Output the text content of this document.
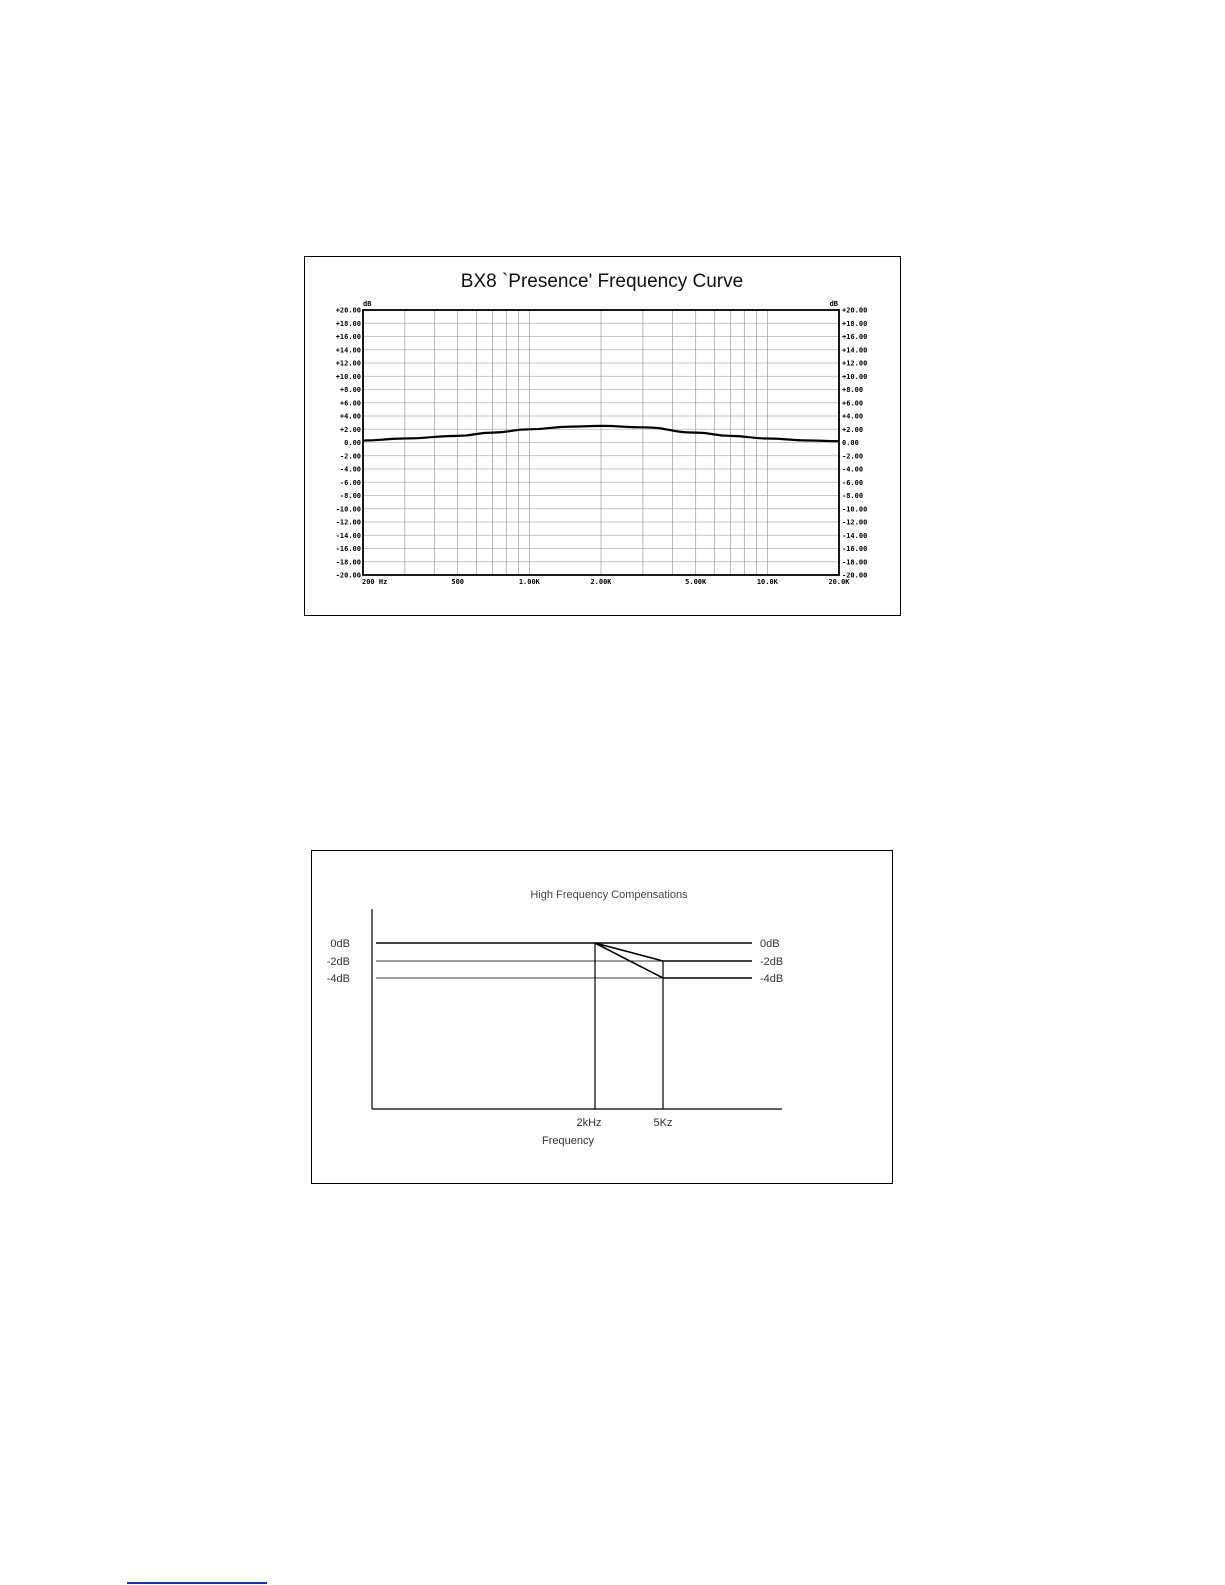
BX8 `Presence' Frequency Curve
dB	dB
+20.00	+20.00
+18.00	+18.00
+16.00	+16.00
+14.00	+14.00
+12.00	+12.00
+10.00	+10.00
+8.00	+8.00
+6.00	+6.00
+4.00	+4.00
+2.00	+2.00
0.00	0.00
-2.00	-2.00
-4.00	-4.00
-6.00	-6.00
-8.00	-8.00
-10.00	-10.00
-12.00	-12.00
-14.00	-14.00
-16.00	-16.00
-18.00	-18.00
-20.00	-20.00
200 Hz	500	1.00K	2.00K	5.00K	10.0K	20.0K
High Frequency Compensations
0dB	0dB
-2dB	-2dB
-4dB	-4dB
2kHz	5Kz
Frequency
